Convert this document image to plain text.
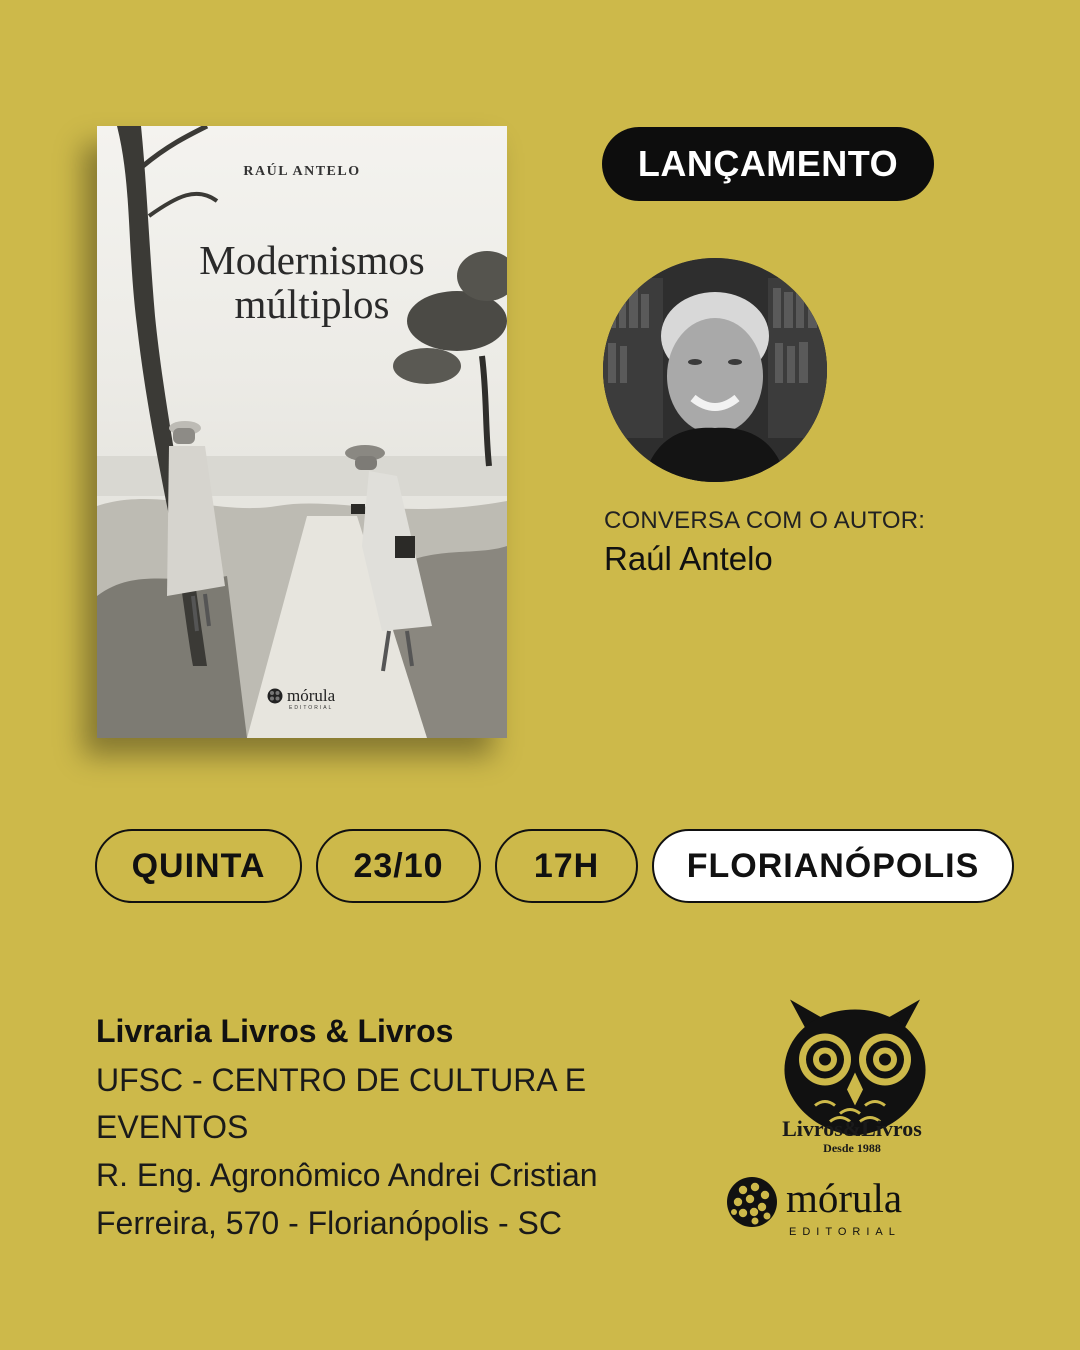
RAÚL ANTELO
Modernismos
múltiplos
mórula
EDITORIAL
LANÇAMENTO
CONVERSA COM O AUTOR:
Raúl Antelo
QUINTA	23/10	17H	FLORIANÓPOLIS
Livraria Livros & Livros
UFSC - CENTRO DE CULTURA E
EVENTOS
R. Eng. Agronômico Andrei Cristian
Ferreira, 570 - Florianópolis - SC
Livros&Livros
Desde 1988
mórula
EDITORIAL
